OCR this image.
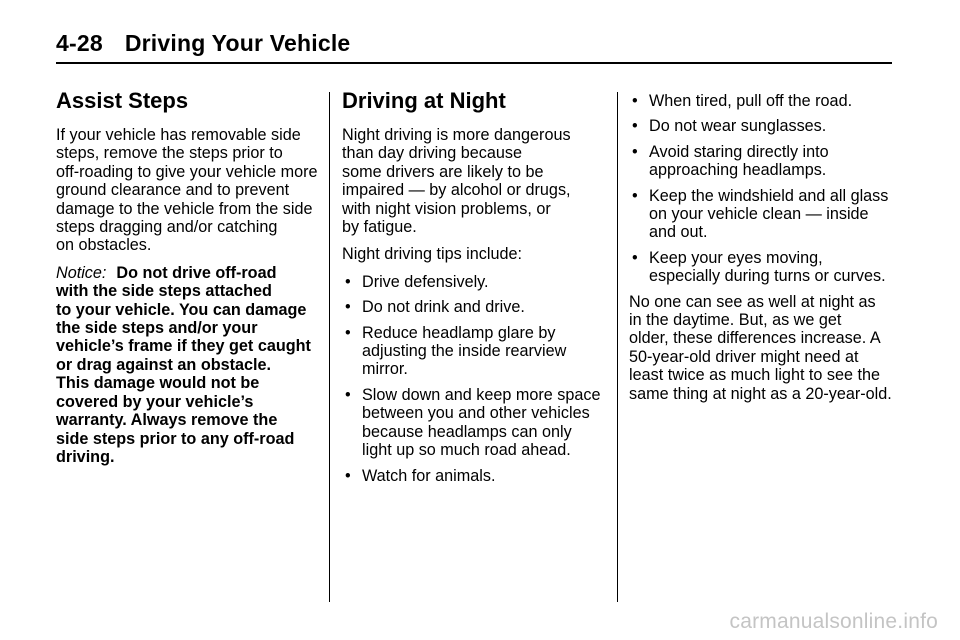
4-28 Driving Your Vehicle
Assist Steps

If your vehicle has removable side
steps, remove the steps prior to
off-roading to give your vehicle more
ground clearance and to prevent
damage to the vehicle from the side
steps dragging and/or catching
on obstacles.

Notice: Do not drive off-road
with the side steps attached
to your vehicle. You can damage
the side steps and/or your
vehicle’s frame if they get caught
or drag against an obstacle.
This damage would not be
covered by your vehicle’s
warranty. Always remove the
side steps prior to any off-road
driving.

Driving at Night

Night driving is more dangerous
than day driving because
some drivers are likely to be
impaired — by alcohol or drugs,
with night vision problems, or
by fatigue.

Night driving tips include:

• Drive defensively.
• Do not drink and drive.
• Reduce headlamp glare by
adjusting the inside rearview
mirror.
• Slow down and keep more space
between you and other vehicles
because headlamps can only
light up so much road ahead.
• Watch for animals.
• When tired, pull off the road.
• Do not wear sunglasses.
• Avoid staring directly into
approaching headlamps.
• Keep the windshield and all glass
on your vehicle clean — inside
and out.
• Keep your eyes moving,
especially during turns or curves.

No one can see as well at night as
in the daytime. But, as we get
older, these differences increase. A
50-year-old driver might need at
least twice as much light to see the
same thing at night as a 20-year-old.

carmanualsonline.info
